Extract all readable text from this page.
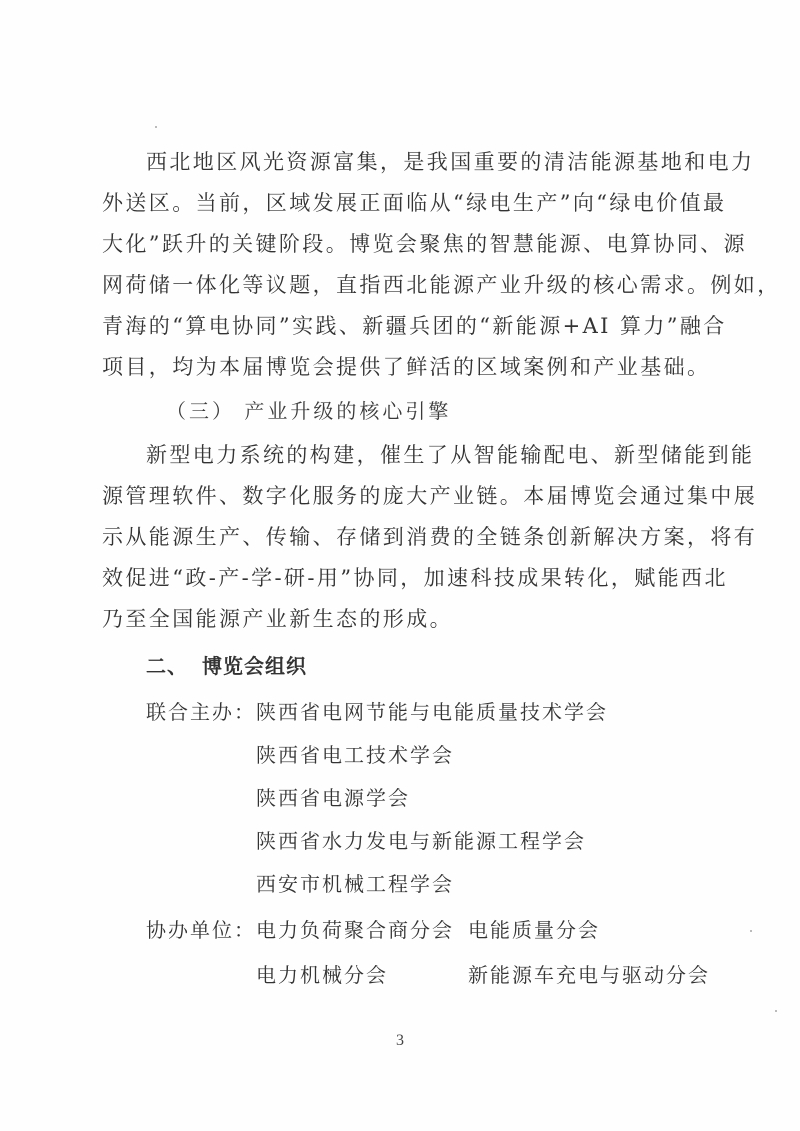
西北地区风光资源富集，是我国重要的清洁能源基地和电力
外送区。当前，区域发展正面临从“绿电生产”向“绿电价值最
大化”跃升的关键阶段。博览会聚焦的智慧能源、电算协同、源
网荷储一体化等议题，直指西北能源产业升级的核心需求。例如，
青海的“算电协同”实践、新疆兵团的“新能源+AI 算力”融合
项目，均为本届博览会提供了鲜活的区域案例和产业基础。
（三） 产业升级的核心引擎
新型电力系统的构建，催生了从智能输配电、新型储能到能
源管理软件、数字化服务的庞大产业链。本届博览会通过集中展
示从能源生产、传输、存储到消费的全链条创新解决方案，将有
效促进“政-产-学-研-用”协同，加速科技成果转化，赋能西北
乃至全国能源产业新生态的形成。
二、 博览会组织
联合主办： 陕西省电网节能与电能质量技术学会
陕西省电工技术学会
陕西省电源学会
陕西省水力发电与新能源工程学会
西安市机械工程学会
协办单位： 电力负荷聚合商分会 电能质量分会
电力机械分会	新能源车充电与驱动分会
3
